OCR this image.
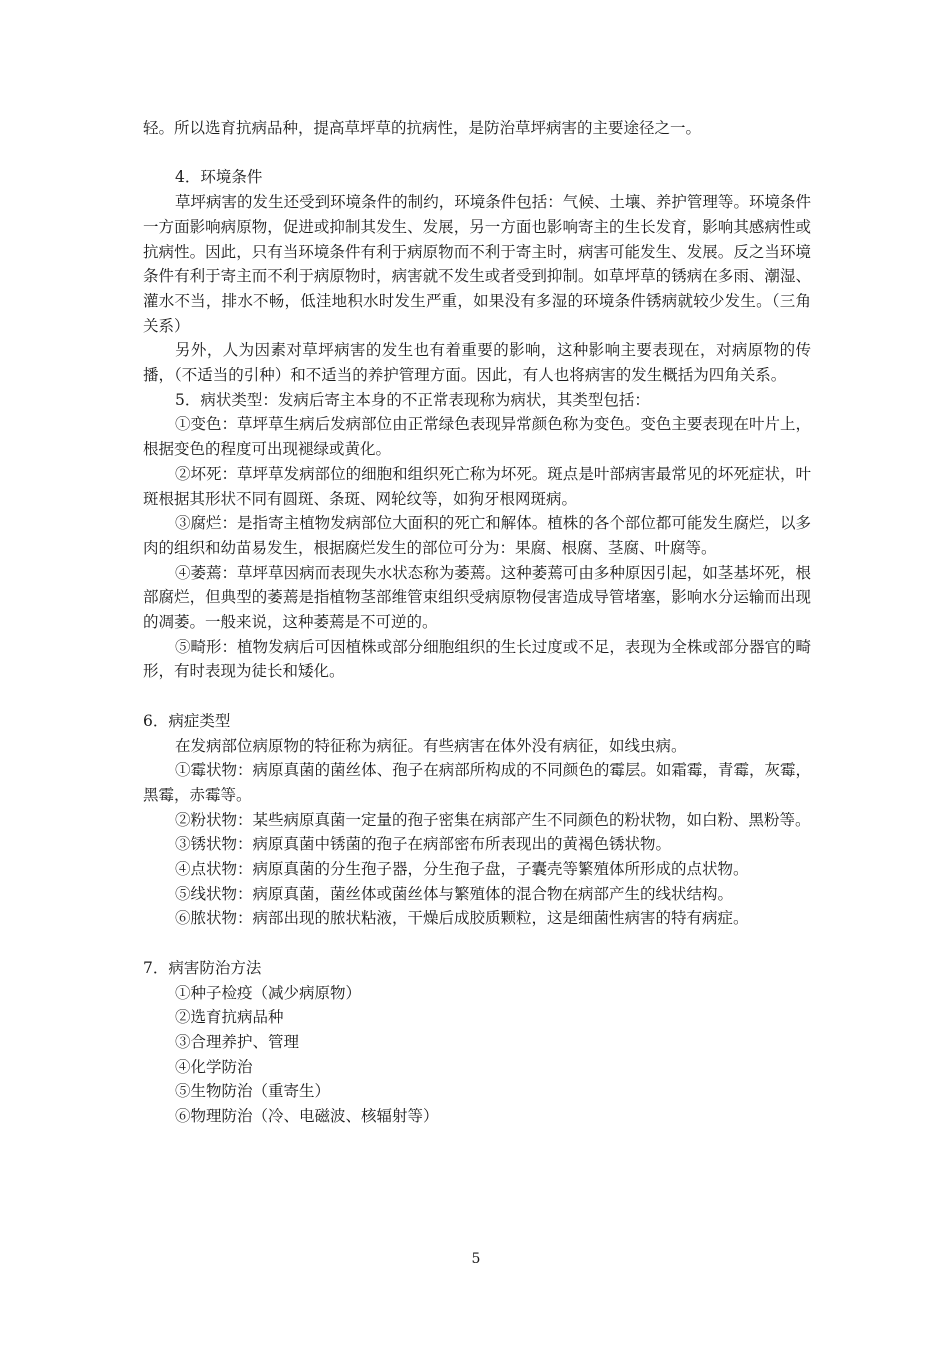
轻。所以选育抗病品种，提高草坪草的抗病性，是防治草坪病害的主要途径之一。

4．环境条件

草坪病害的发生还受到环境条件的制约，环境条件包括：气候、土壤、养护管理等。环境条件一方面影响病原物，促进或抑制其发生、发展，另一方面也影响寄主的生长发育，影响其感病性或抗病性。因此，只有当环境条件有利于病原物而不利于寄主时，病害可能发生、发展。反之当环境条件有利于寄主而不利于病原物时，病害就不发生或者受到抑制。如草坪草的锈病在多雨、潮湿、灌水不当，排水不畅，低洼地积水时发生严重，如果没有多湿的环境条件锈病就较少发生。（三角关系）

另外，人为因素对草坪病害的发生也有着重要的影响，这种影响主要表现在，对病原物的传播，（不适当的引种）和不适当的养护管理方面。因此，有人也将病害的发生概括为四角关系。

5．病状类型：发病后寄主本身的不正常表现称为病状，其类型包括：

①变色：草坪草生病后发病部位由正常绿色表现异常颜色称为变色。变色主要表现在叶片上，根据变色的程度可出现褪绿或黄化。

②坏死：草坪草发病部位的细胞和组织死亡称为坏死。斑点是叶部病害最常见的坏死症状，叶斑根据其形状不同有圆斑、条斑、网轮纹等，如狗牙根网斑病。

③腐烂：是指寄主植物发病部位大面积的死亡和解体。植株的各个部位都可能发生腐烂，以多肉的组织和幼苗易发生，根据腐烂发生的部位可分为：果腐、根腐、茎腐、叶腐等。

④萎蔫：草坪草因病而表现失水状态称为萎蔫。这种萎蔫可由多种原因引起，如茎基坏死，根部腐烂，但典型的萎蔫是指植物茎部维管束组织受病原物侵害造成导管堵塞，影响水分运输而出现的凋萎。一般来说，这种萎蔫是不可逆的。

⑤畸形：植物发病后可因植株或部分细胞组织的生长过度或不足，表现为全株或部分器官的畸形，有时表现为徒长和矮化。

6．病症类型

在发病部位病原物的特征称为病征。有些病害在体外没有病征，如线虫病。

①霉状物：病原真菌的菌丝体、孢子在病部所构成的不同颜色的霉层。如霜霉，青霉，灰霉，黑霉，赤霉等。

②粉状物：某些病原真菌一定量的孢子密集在病部产生不同颜色的粉状物，如白粉、黑粉等。

③锈状物：病原真菌中锈菌的孢子在病部密布所表现出的黄褐色锈状物。

④点状物：病原真菌的分生孢子器，分生孢子盘，子囊壳等繁殖体所形成的点状物。

⑤线状物：病原真菌，菌丝体或菌丝体与繁殖体的混合物在病部产生的线状结构。

⑥脓状物：病部出现的脓状粘液，干燥后成胶质颗粒，这是细菌性病害的特有病症。

7．病害防治方法

①种子检疫（减少病原物）

②选育抗病品种

③合理养护、管理

④化学防治

⑤生物防治（重寄生）

⑥物理防治（冷、电磁波、核辐射等）

5
